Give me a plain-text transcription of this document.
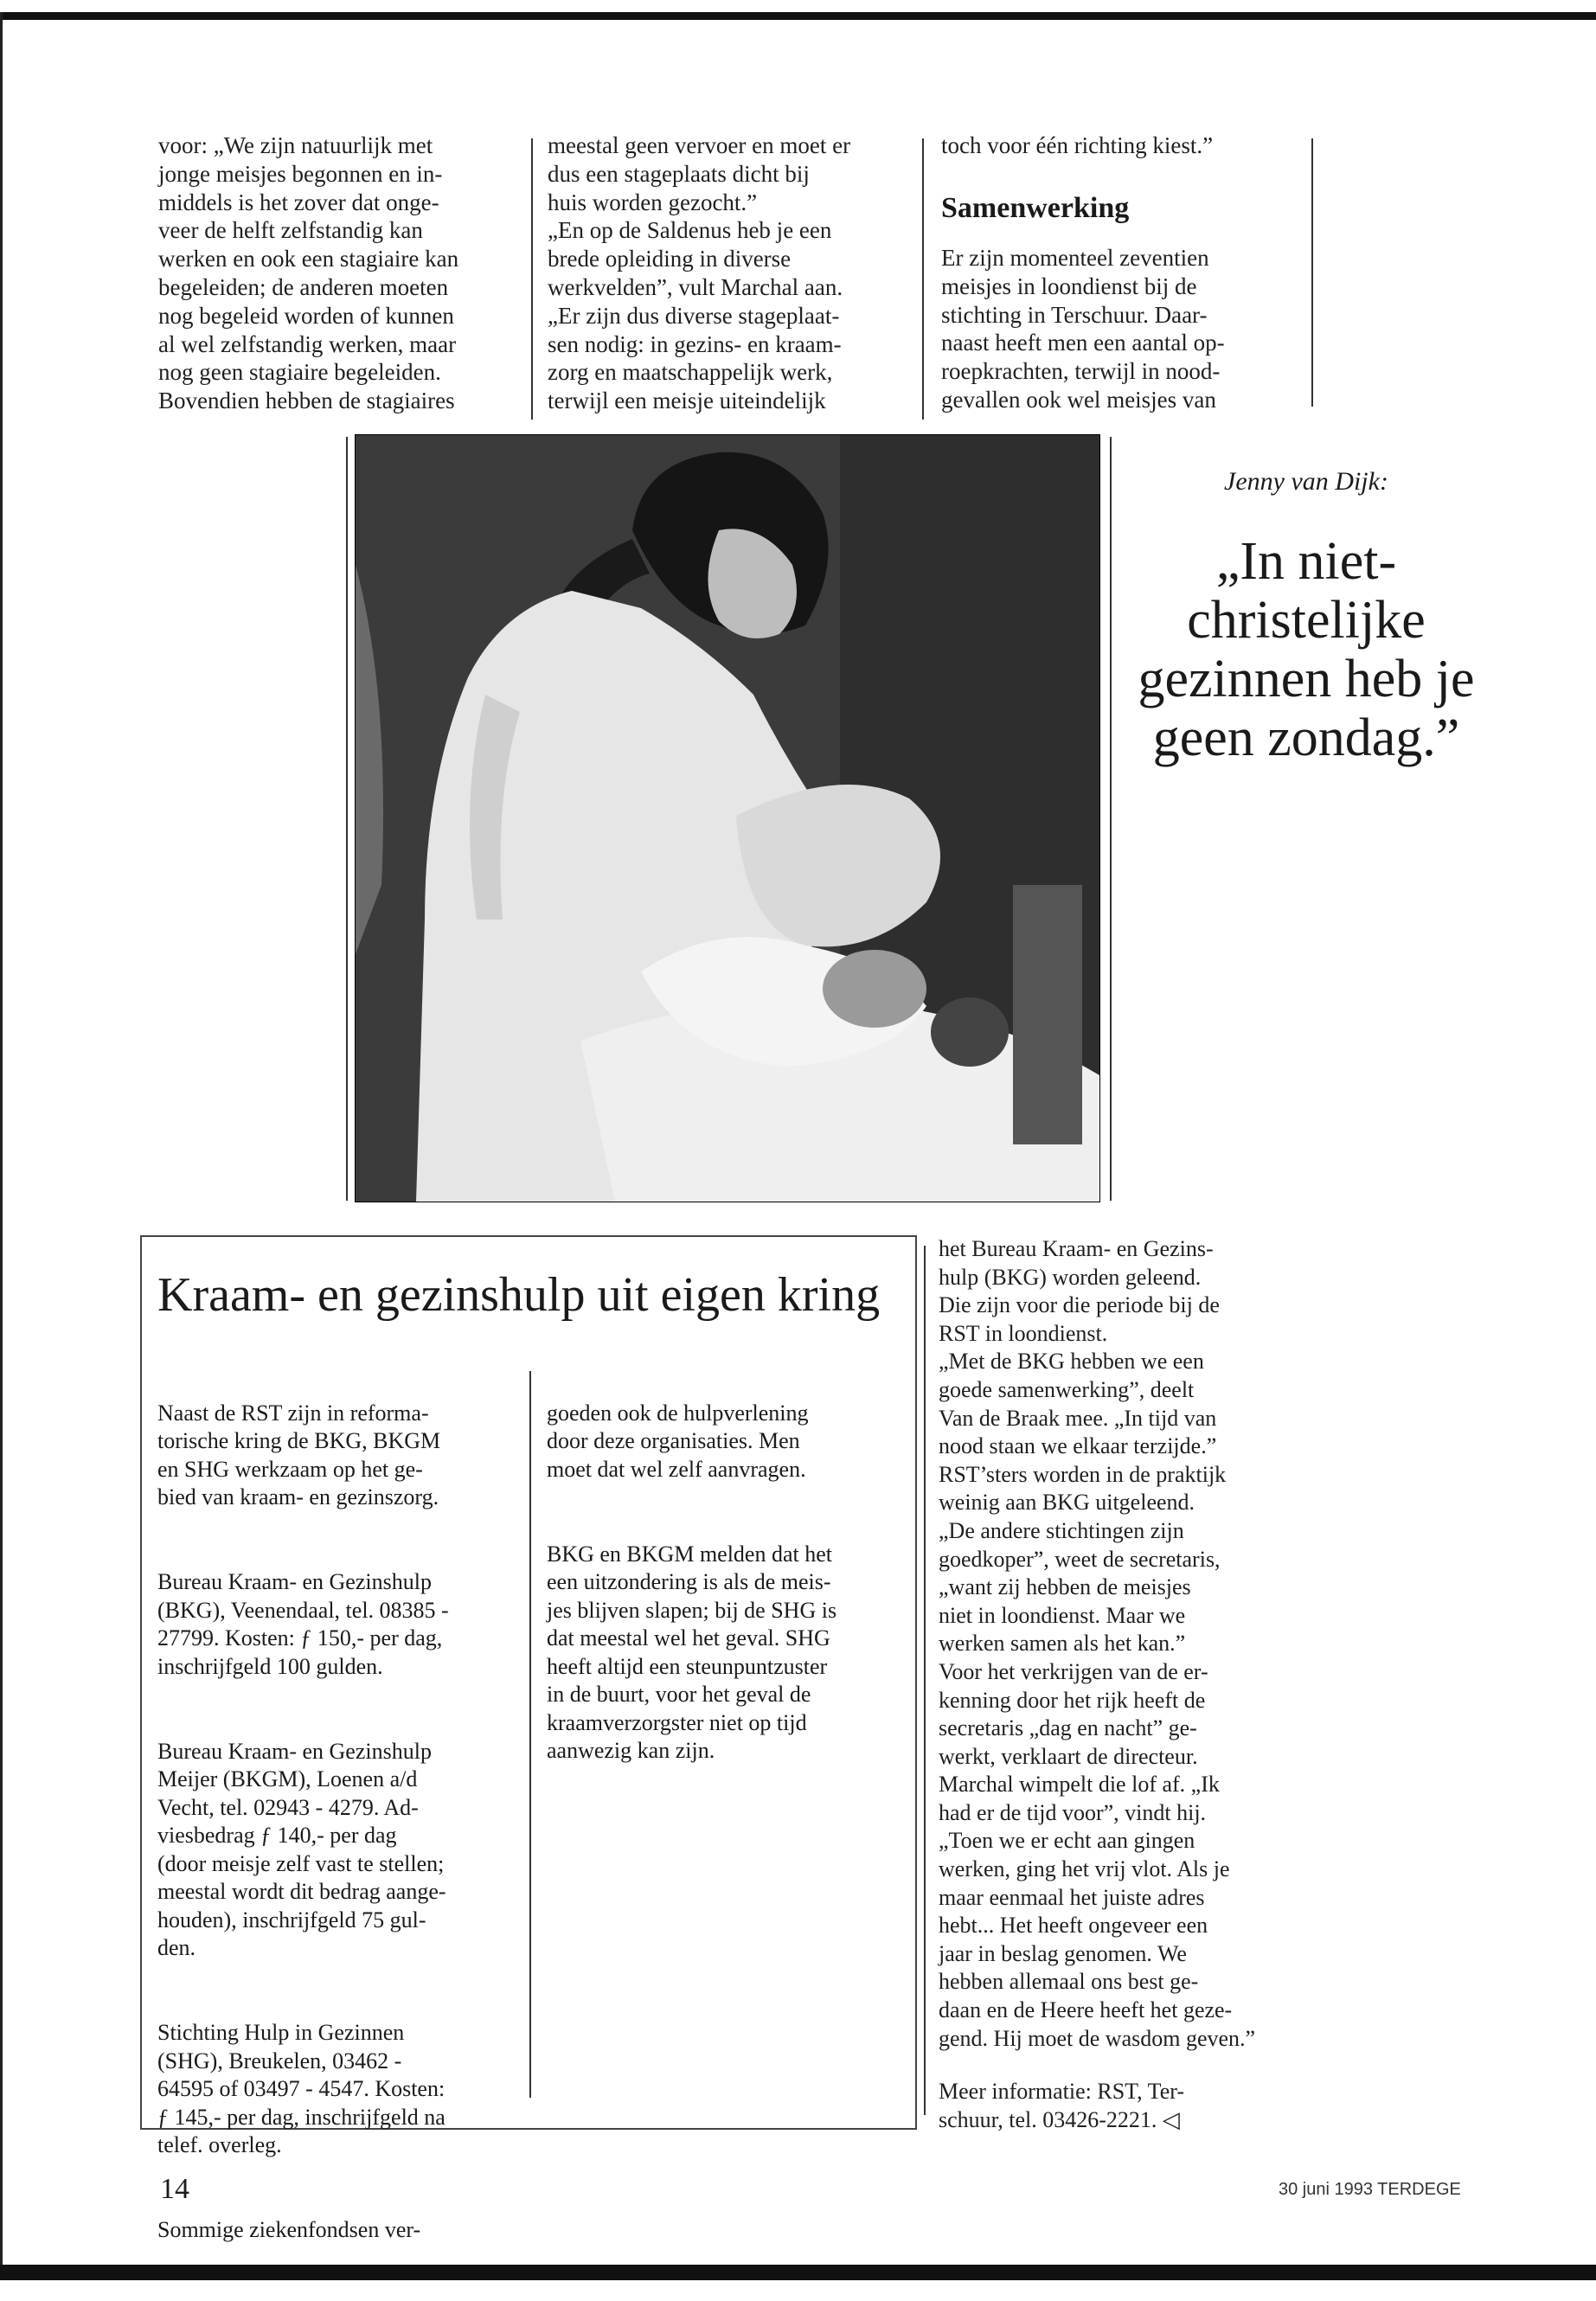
voor: „We zijn natuurlijk met
jonge meisjes begonnen en in-
middels is het zover dat onge-
veer de helft zelfstandig kan
werken en ook een stagiaire kan
begeleiden; de anderen moeten
nog begeleid worden of kunnen
al wel zelfstandig werken, maar
nog geen stagiaire begeleiden.
Bovendien hebben de stagiaires

meestal geen vervoer en moet er
dus een stageplaats dicht bij
huis worden gezocht.”
„En op de Saldenus heb je een
brede opleiding in diverse
werkvelden”, vult Marchal aan.
„Er zijn dus diverse stageplaat-
sen nodig: in gezins- en kraam-
zorg en maatschappelijk werk,
terwijl een meisje uiteindelijk

toch voor één richting kiest.”

Samenwerking

Er zijn momenteel zeventien
meisjes in loondienst bij de
stichting in Terschuur. Daar-
naast heeft men een aantal op-
roepkrachten, terwijl in nood-
gevallen ook wel meisjes van

Jenny van Dijk:

„In niet-
christelijke
gezinnen heb je
geen zondag.”

Kraam- en gezinshulp uit eigen kring

Naast de RST zijn in reforma-
torische kring de BKG, BKGM
en SHG werkzaam op het ge-
bied van kraam- en gezinszorg.

Bureau Kraam- en Gezinshulp
(BKG), Veenendaal, tel. 08385 -
27799. Kosten: ƒ 150,- per dag,
inschrijfgeld 100 gulden.

Bureau Kraam- en Gezinshulp
Meijer (BKGM), Loenen a/d
Vecht, tel. 02943 - 4279. Ad-
viesbedrag ƒ 140,- per dag
(door meisje zelf vast te stellen;
meestal wordt dit bedrag aange-
houden), inschrijfgeld 75 gul-
den.

Stichting Hulp in Gezinnen
(SHG), Breukelen, 03462 -
64595 of 03497 - 4547. Kosten:
ƒ 145,- per dag, inschrijfgeld na
telef. overleg.

Sommige ziekenfondsen ver-

goeden ook de hulpverlening
door deze organisaties. Men
moet dat wel zelf aanvragen.

BKG en BKGM melden dat het
een uitzondering is als de meis-
jes blijven slapen; bij de SHG is
dat meestal wel het geval. SHG
heeft altijd een steunpuntzuster
in de buurt, voor het geval de
kraamverzorgster niet op tijd
aanwezig kan zijn.

het Bureau Kraam- en Gezins-
hulp (BKG) worden geleend.
Die zijn voor die periode bij de
RST in loondienst.
„Met de BKG hebben we een
goede samenwerking”, deelt
Van de Braak mee. „In tijd van
nood staan we elkaar terzijde.”
RST’sters worden in de praktijk
weinig aan BKG uitgeleend.
„De andere stichtingen zijn
goedkoper”, weet de secretaris,
„want zij hebben de meisjes
niet in loondienst. Maar we
werken samen als het kan.”
Voor het verkrijgen van de er-
kenning door het rijk heeft de
secretaris „dag en nacht” ge-
werkt, verklaart de directeur.
Marchal wimpelt die lof af. „Ik
had er de tijd voor”, vindt hij.
„Toen we er echt aan gingen
werken, ging het vrij vlot. Als je
maar eenmaal het juiste adres
hebt... Het heeft ongeveer een
jaar in beslag genomen. We
hebben allemaal ons best ge-
daan en de Heere heeft het geze-
gend. Hij moet de wasdom geven.”

Meer informatie: RST, Ter-
schuur, tel. 03426-2221. ◁

14	30 juni 1993 TERDEGE
